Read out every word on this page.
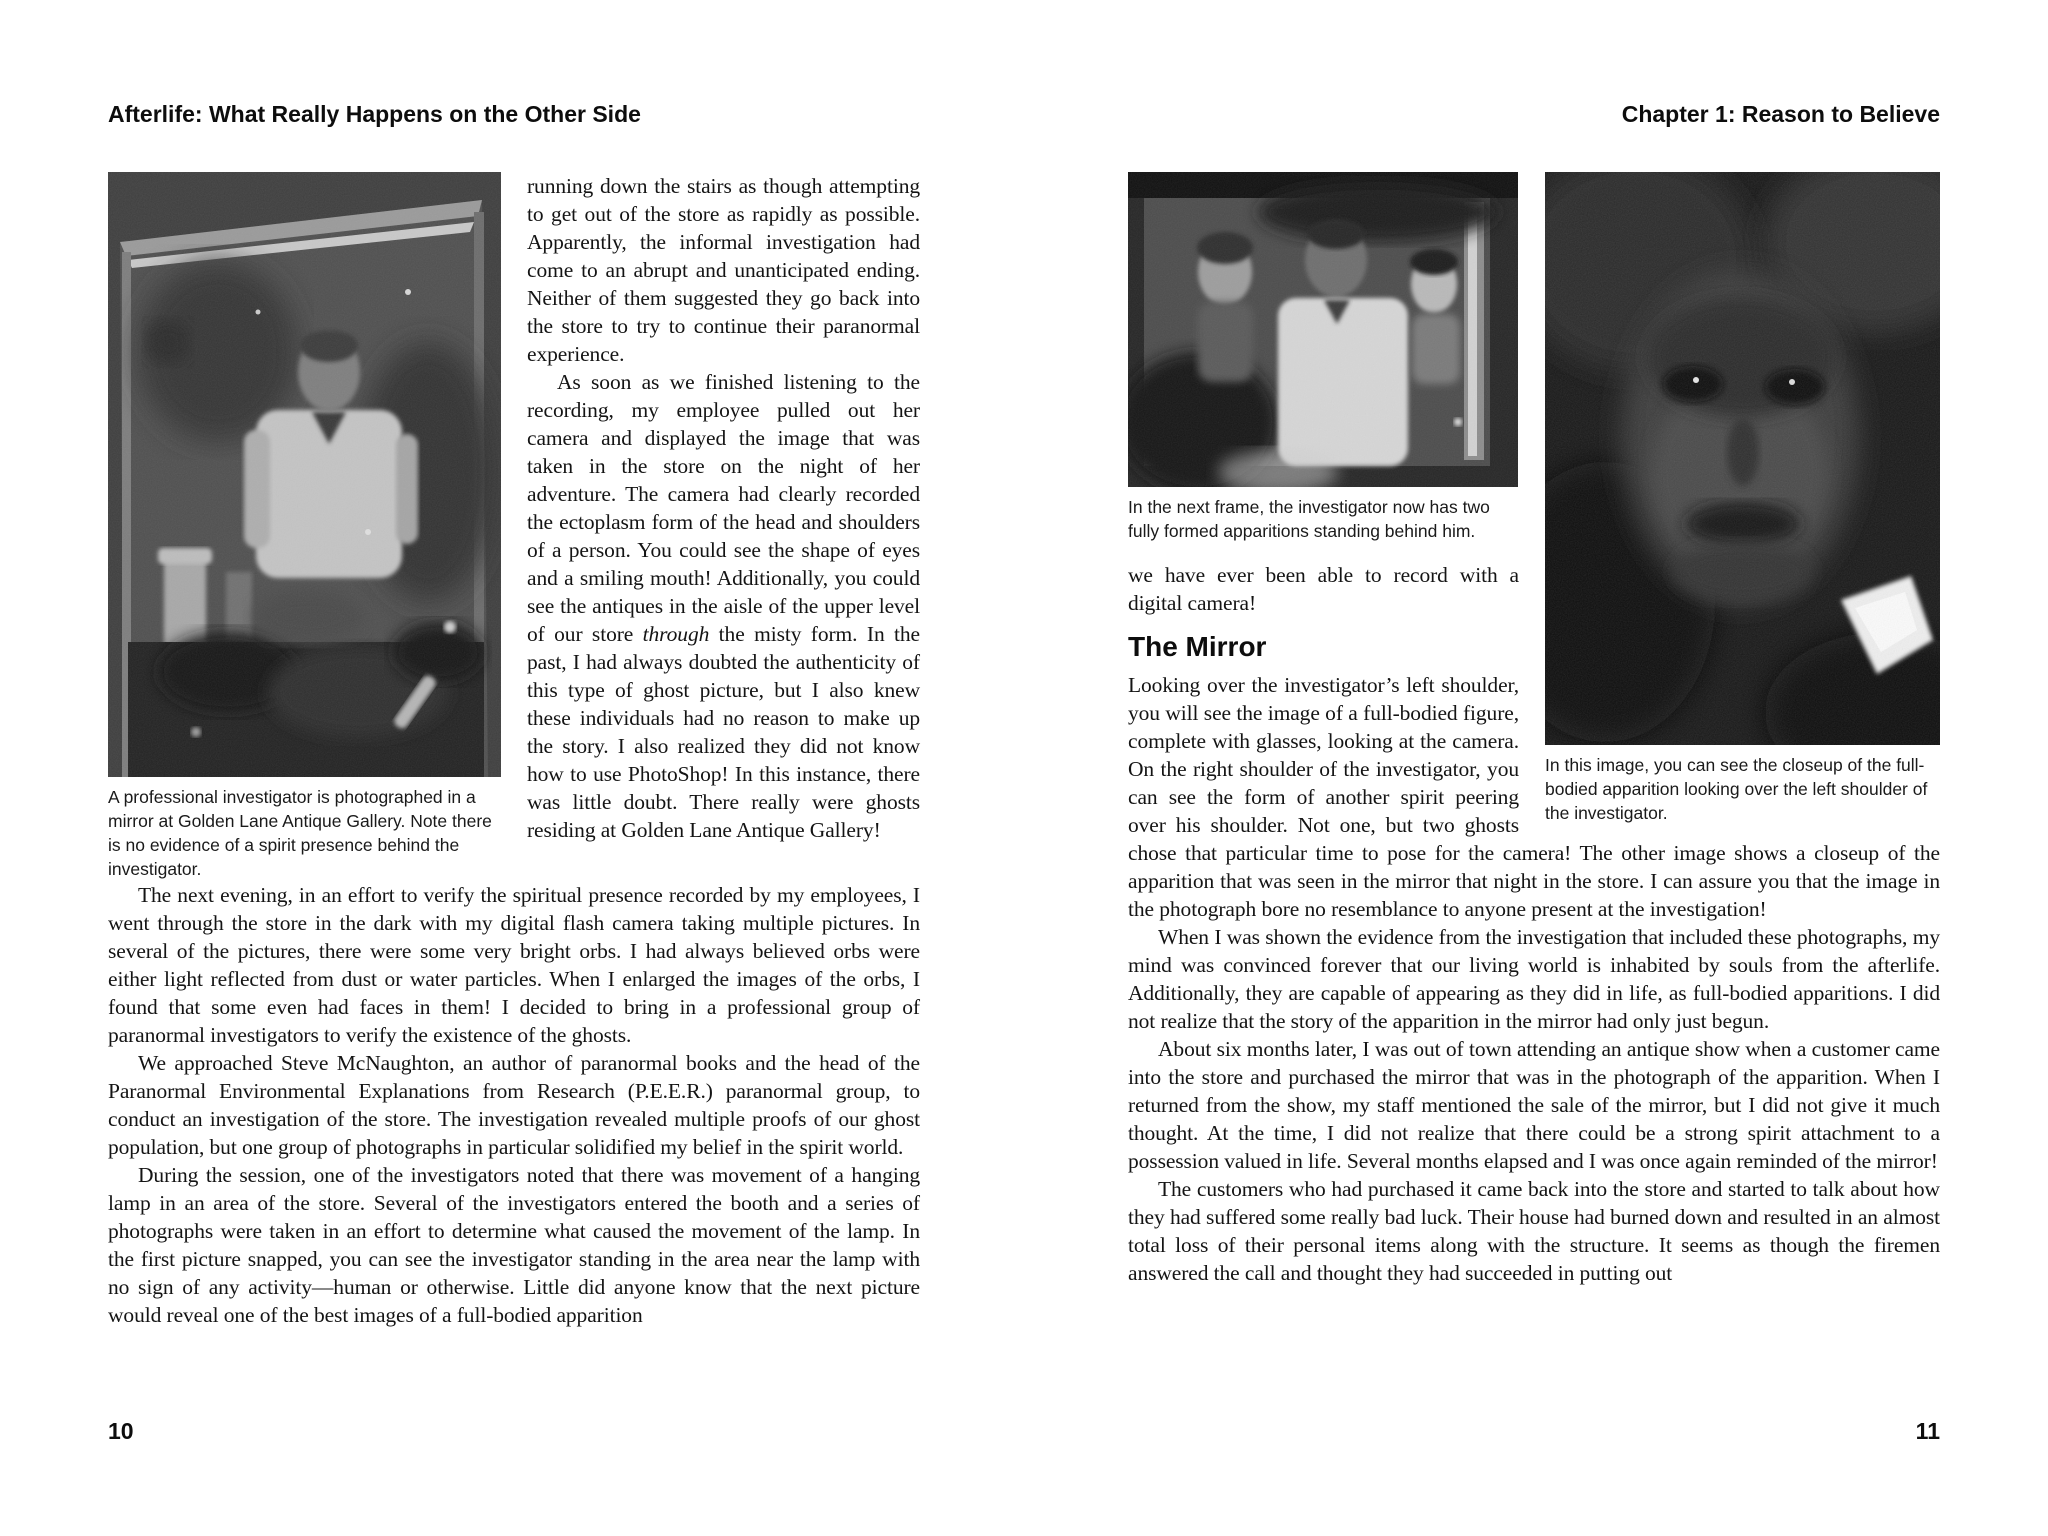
Afterlife: What Really Happens on the Other Side
A professional investigator is photographed in a mirror at Golden Lane Antique Gallery. Note there is no evidence of a spirit presence behind the investigator.

running down the stairs as though attempting to get out of the store as rapidly as possible. Apparently, the informal investigation had come to an abrupt and unanticipated ending. Neither of them suggested they go back into the store to try to continue their paranormal experience.

As soon as we finished listening to the recording, my employee pulled out her camera and displayed the image that was taken in the store on the night of her adventure. The camera had clearly recorded the ectoplasm form of the head and shoulders of a person. You could see the shape of eyes and a smiling mouth! Additionally, you could see the antiques in the aisle of the upper level of our store through the misty form. In the past, I had always doubted the authenticity of this type of ghost picture, but I also knew these individuals had no reason to make up the story. I also realized they did not know how to use PhotoShop! In this instance, there was little doubt. There really were ghosts residing at Golden Lane Antique Gallery!

The next evening, in an effort to verify the spiritual presence recorded by my employees, I went through the store in the dark with my digital flash camera taking multiple pictures. In several of the pictures, there were some very bright orbs. I had always believed orbs were either light reflected from dust or water particles. When I enlarged the images of the orbs, I found that some even had faces in them! I decided to bring in a professional group of paranormal investigators to verify the existence of the ghosts.

We approached Steve McNaughton, an author of paranormal books and the head of the Paranormal Environmental Explanations from Research (P.E.E.R.) paranormal group, to conduct an investigation of the store. The investigation revealed multiple proofs of our ghost population, but one group of photographs in particular solidified my belief in the spirit world.

During the session, one of the investigators noted that there was movement of a hanging lamp in an area of the store. Several of the investigators entered the booth and a series of photographs were taken in an effort to determine what caused the movement of the lamp. In the first picture snapped, you can see the investigator standing in the area near the lamp with no sign of any activity—human or otherwise. Little did anyone know that the next picture would reveal one of the best images of a full-bodied apparition

Chapter 1: Reason to Believe
In this image, you can see the closeup of the full-bodied apparition looking over the left shoulder of the investigator.
In the next frame, the investigator now has two fully formed apparitions standing behind him.

we have ever been able to record with a digital camera!

The Mirror

Looking over the investigator’s left shoulder, you will see the image of a full-bodied figure, complete with glasses, looking at the camera. On the right shoulder of the investigator, you can see the form of another spirit peering over his shoulder. Not one, but two ghosts chose that particular time to pose for the camera! The other image shows a closeup of the apparition that was seen in the mirror that night in the store. I can assure you that the image in the photograph bore no resemblance to anyone present at the investigation!

When I was shown the evidence from the investigation that included these photographs, my mind was convinced forever that our living world is inhabited by souls from the afterlife. Additionally, they are capable of appearing as they did in life, as full-bodied apparitions. I did not realize that the story of the apparition in the mirror had only just begun.

About six months later, I was out of town attending an antique show when a customer came into the store and purchased the mirror that was in the photograph of the apparition. When I returned from the show, my staff mentioned the sale of the mirror, but I did not give it much thought. At the time, I did not realize that there could be a strong spirit attachment to a possession valued in life. Several months elapsed and I was once again reminded of the mirror!

The customers who had purchased it came back into the store and started to talk about how they had suffered some really bad luck. Their house had burned down and resulted in an almost total loss of their personal items along with the structure. It seems as though the firemen answered the call and thought they had succeeded in putting out

10	11
